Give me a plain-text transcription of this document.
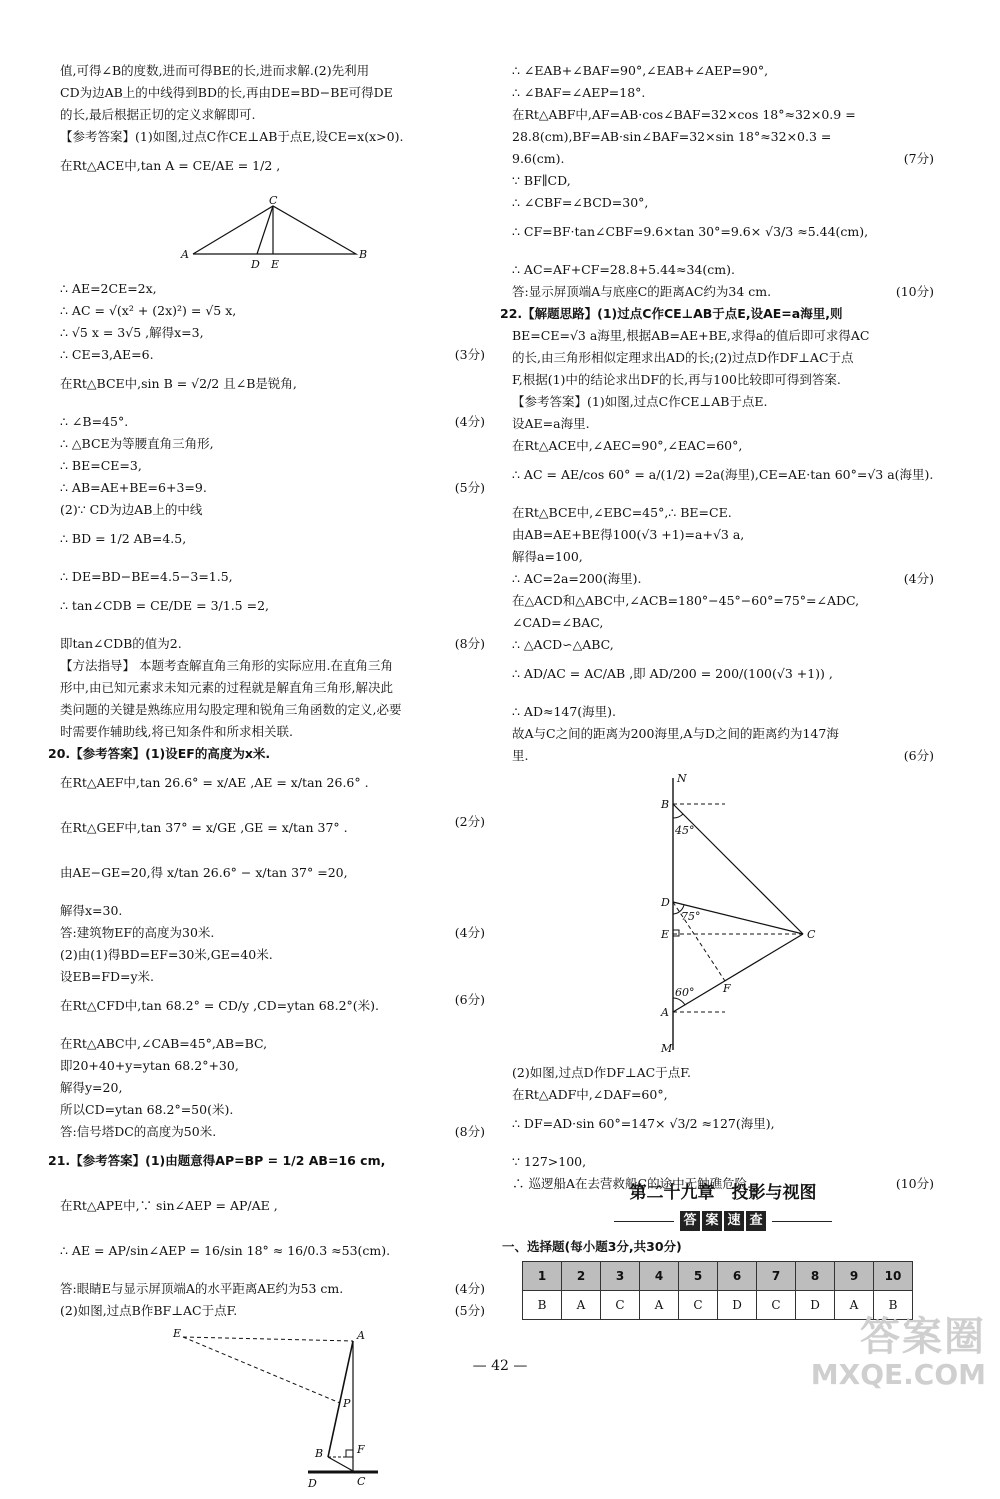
值,可得∠B的度数,进而可得BE的长,进而求解.(2)先利用
CD为边AB上的中线得到BD的长,再由DE=BD−BE可得DE
的长,最后根据正切的定义求解即可.
【参考答案】(1)如图,过点C作CE⊥AB于点E,设CE=x(x>0).
在Rt△ACE中,tan A = CE/AE = 1/2 ,
A	B
C
D E
∴ AE=2CE=2x,
∴ AC = √(x² + (2x)²) = √5 x,
∴ √5 x = 3√5 ,解得x=3,
∴ CE=3,AE=6.	(3分)
在Rt△BCE中,sin B = √2/2 且∠B是锐角,
∴ ∠B=45°.	(4分)
∴ △BCE为等腰直角三角形,
∴ BE=CE=3,
∴ AB=AE+BE=6+3=9.	(5分)
(2)∵ CD为边AB上的中线
∴ BD = 1/2 AB=4.5,
∴ DE=BD−BE=4.5−3=1.5,
∴ tan∠CDB = CE/DE = 3/1.5 =2,
即tan∠CDB的值为2.	(8分)
【方法指导】 本题考查解直角三角形的实际应用.在直角三角
形中,由已知元素求未知元素的过程就是解直角三角形,解决此
类问题的关键是熟练应用勾股定理和锐角三角函数的定义,必要
时需要作辅助线,将已知条件和所求相关联.
20.【参考答案】(1)设EF的高度为x米.
在Rt△AEF中,tan 26.6° = x/AE ,AE = x/tan 26.6° .
在Rt△GEF中,tan 37° = x/GE ,GE = x/tan 37° .	(2分)
由AE−GE=20,得 x/tan 26.6° − x/tan 37° =20,
解得x=30.
答:建筑物EF的高度为30米.	(4分)
(2)由(1)得BD=EF=30米,GE=40米.
设EB=FD=y米.
在Rt△CFD中,tan 68.2° = CD/y ,CD=ytan 68.2°(米).	(6分)
在Rt△ABC中,∠CAB=45°,AB=BC,
即20+40+y=ytan 68.2°+30,
解得y=20,
所以CD=ytan 68.2°=50(米).
答:信号塔DC的高度为50米.	(8分)
21.【参考答案】(1)由题意得AP=BP = 1/2 AB=16 cm,
在Rt△APE中,∵ sin∠AEP = AP/AE ,
∴ AE = AP/sin∠AEP = 16/sin 18° ≈ 16/0.3 ≈53(cm).
答:眼睛E与显示屏顶端A的水平距离AE约为53 cm.	(4分)
(2)如图,过点B作BF⊥AC于点F.	(5分)
E	A
P
B	F
D	C
∴ ∠EAB+∠BAF=90°,∠EAB+∠AEP=90°,
∴ ∠BAF=∠AEP=18°.
在Rt△ABF中,AF=AB·cos∠BAF=32×cos 18°≈32×0.9 =
28.8(cm),BF=AB·sin∠BAF=32×sin 18°≈32×0.3 =
9.6(cm).	(7分)
∵ BF∥CD,
∴ ∠CBF=∠BCD=30°,
∴ CF=BF·tan∠CBF=9.6×tan 30°=9.6× √3/3 ≈5.44(cm),
∴ AC=AF+CF=28.8+5.44≈34(cm).
答:显示屏顶端A与底座C的距离AC约为34 cm.	(10分)
22.【解题思路】(1)过点C作CE⊥AB于点E,设AE=a海里,则
BE=CE=√3 a海里,根据AB=AE+BE,求得a的值后即可求得AC
的长,由三角形相似定理求出AD的长;(2)过点D作DF⊥AC于点
F,根据(1)中的结论求出DF的长,再与100比较即可得到答案.
【参考答案】(1)如图,过点C作CE⊥AB于点E.
设AE=a海里.
在Rt△ACE中,∠AEC=90°,∠EAC=60°,
∴ AC = AE/cos 60° = a/(1/2) =2a(海里),CE=AE·tan 60°=√3 a(海里).
在Rt△BCE中,∠EBC=45°,∴ BE=CE.
由AB=AE+BE得100(√3 +1)=a+√3 a,
解得a=100,
∴ AC=2a=200(海里).	(4分)
在△ACD和△ABC中,∠ACB=180°−45°−60°=75°=∠ADC,
∠CAD=∠BAC,
∴ △ACD∽△ABC,
∴ AD/AC = AC/AB ,即 AD/200 = 200/(100(√3 +1)) ,
∴ AD≈147(海里).
故A与C之间的距离为200海里,A与D之间的距离约为147海
里.	(6分)
N
B
D
E
A
M
C
F
45°
75°
60°
(2)如图,过点D作DF⊥AC于点F.
在Rt△ADF中,∠DAF=60°,
∴ DF=AD·sin 60°=147× √3/2 ≈127(海里),
∵ 127>100,
∴ 巡逻船A在去营救船C的途中无触礁危险.	(10分)
第二十九章　投影与视图
答 案 速 查
一、选择题(每小题3分,共30分)
1	2	3	4	5	6	7	8	9	10
B	A	C	A	C	D	C	D	A	B
— 42 —
答案圈
MXQE.COM
